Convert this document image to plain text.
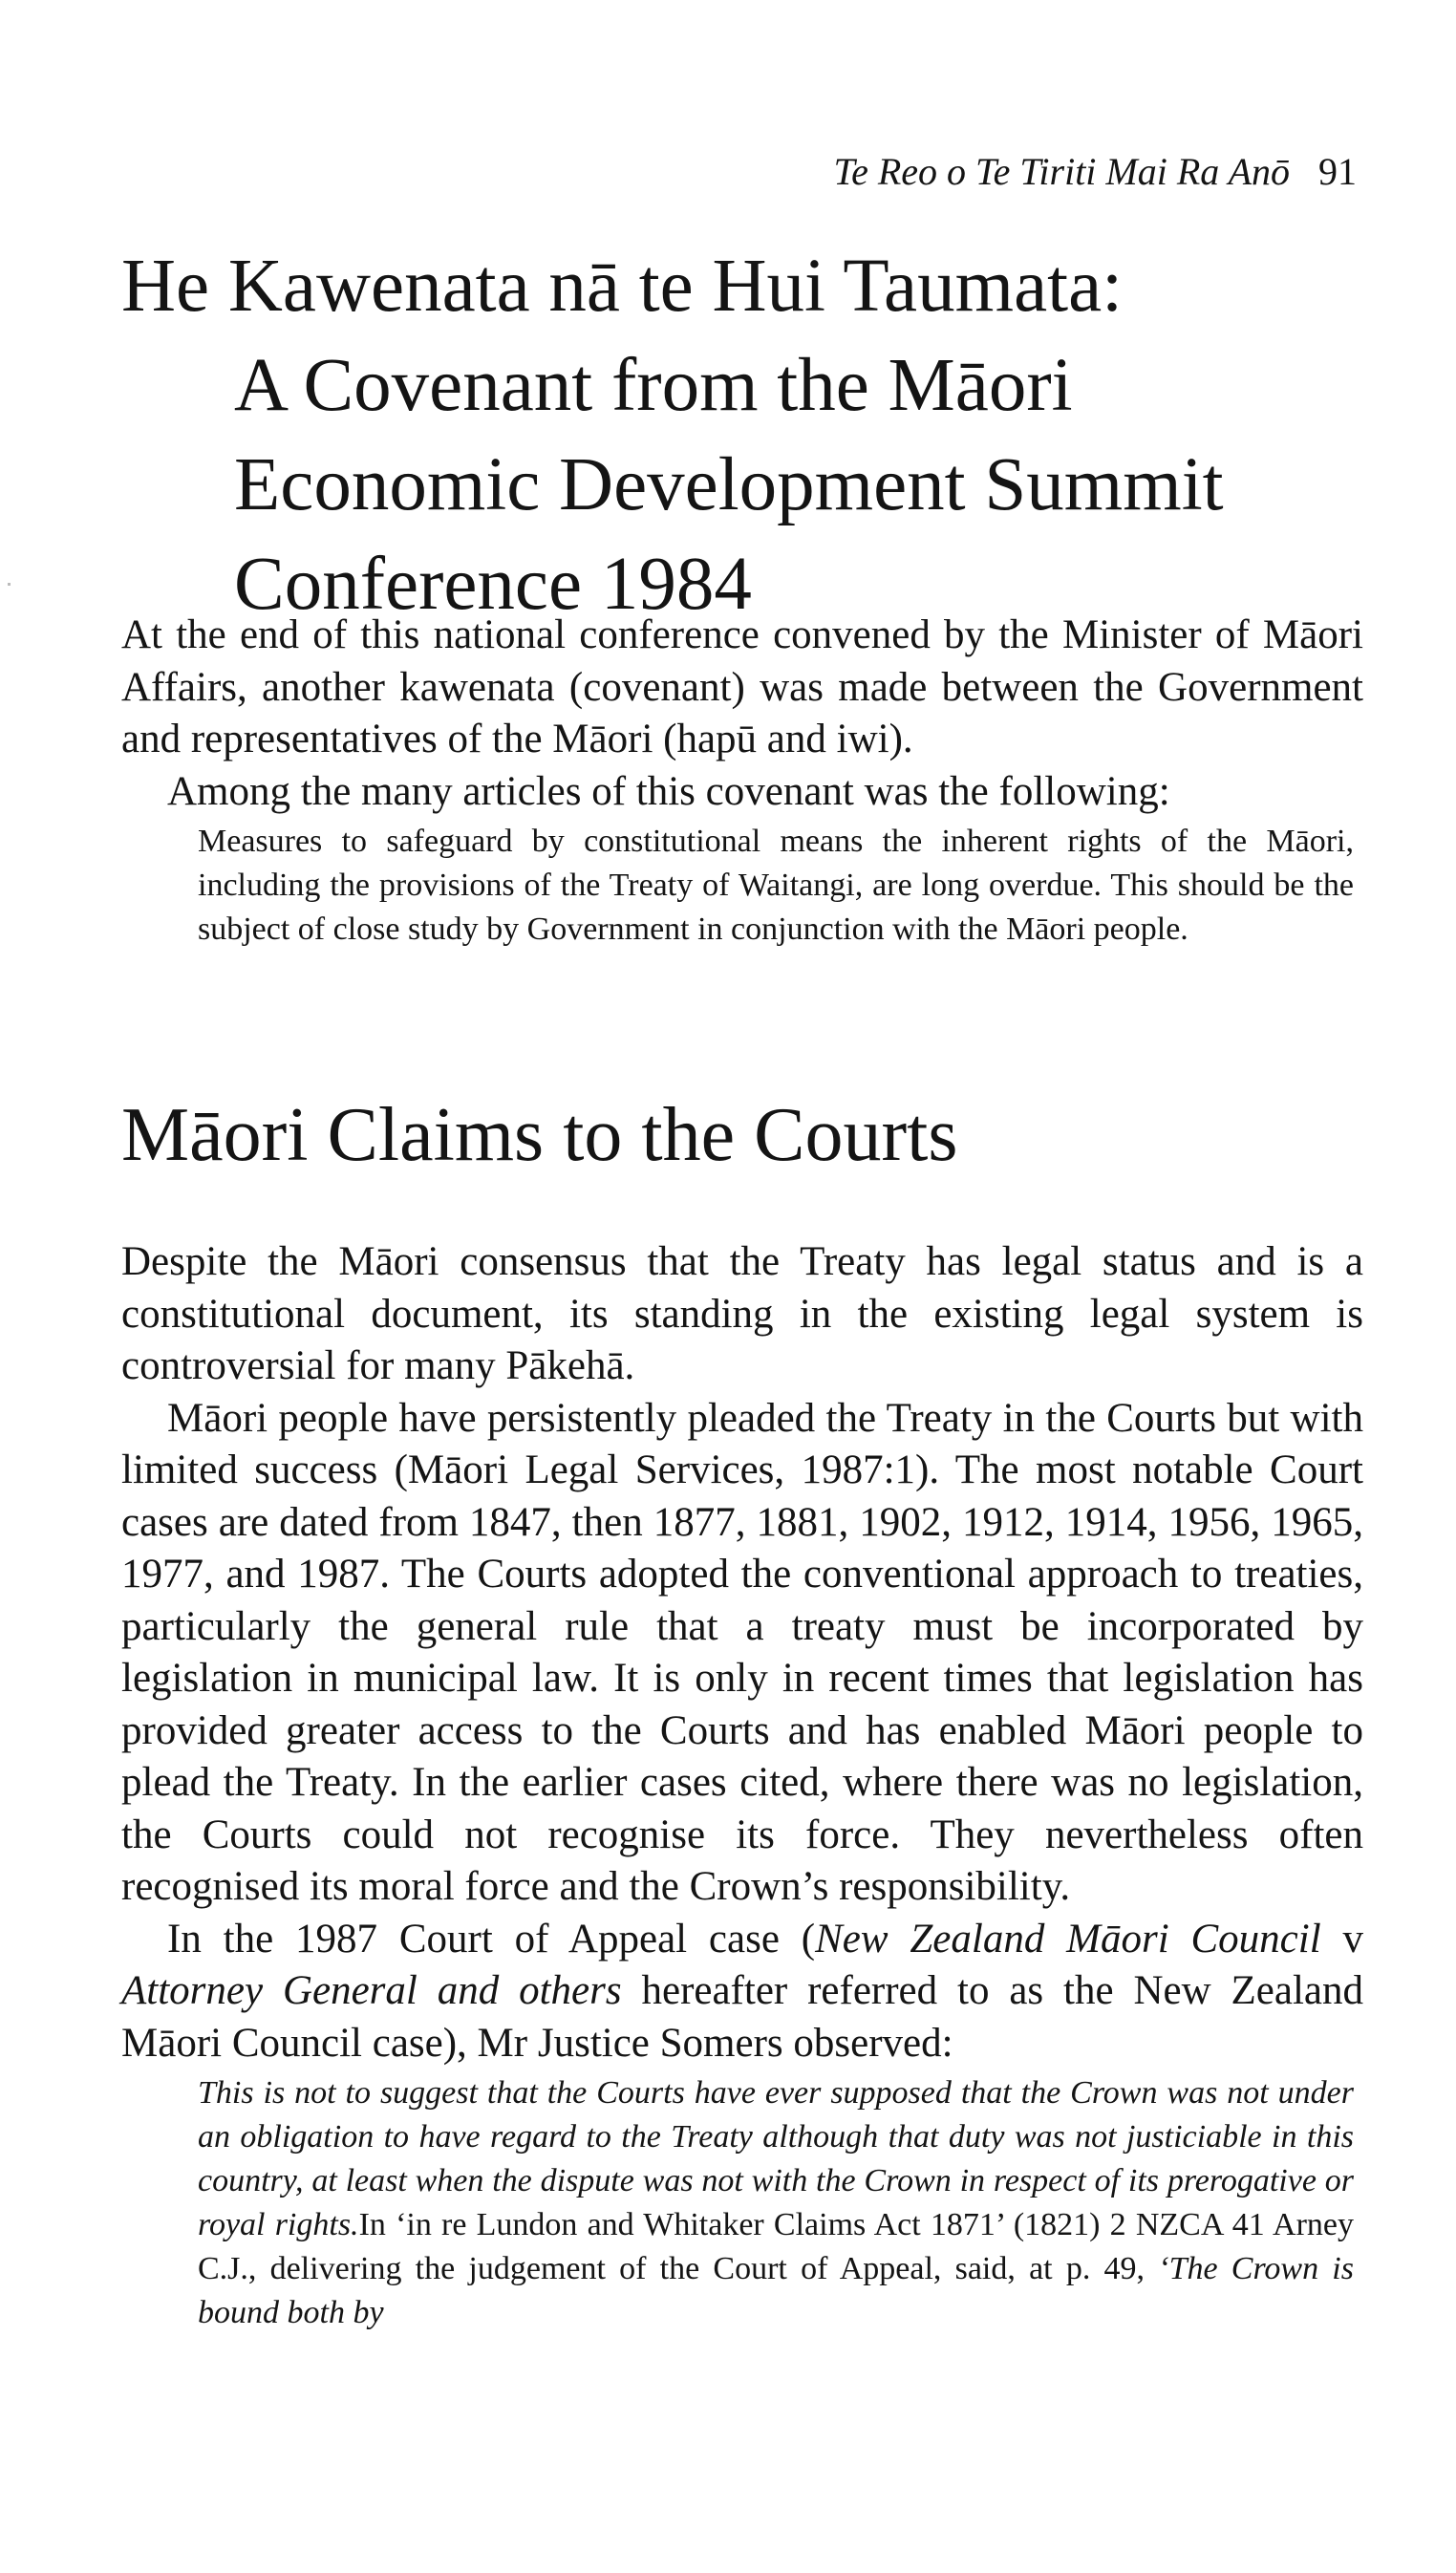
Te Reo o Te Tiriti Mai Ra Anō 91
He Kawenata nā te Hui Taumata:
A Covenant from the Māori
Economic Development Summit
Conference 1984

At the end of this national conference convened by the Minister of Māori Affairs, another kawenata (covenant) was made between the Government and representatives of the Māori (hapū and iwi).

Among the many articles of this covenant was the following:

Measures to safeguard by constitutional means the inherent rights of the Māori, including the provisions of the Treaty of Waitangi, are long overdue. This should be the subject of close study by Government in conjunction with the Māori people.

Māori Claims to the Courts

Despite the Māori consensus that the Treaty has legal status and is a constitutional document, its standing in the existing legal system is controversial for many Pākehā.

Māori people have persistently pleaded the Treaty in the Courts but with limited success (Māori Legal Services, 1987:1). The most notable Court cases are dated from 1847, then 1877, 1881, 1902, 1912, 1914, 1956, 1965, 1977, and 1987. The Courts adopted the conventional approach to treaties, particularly the general rule that a treaty must be incorporated by legislation in municipal law. It is only in recent times that legislation has provided greater access to the Courts and has enabled Māori people to plead the Treaty. In the earlier cases cited, where there was no legislation, the Courts could not recognise its force. They nevertheless often recognised its moral force and the Crown’s responsibility.

In the 1987 Court of Appeal case (New Zealand Māori Council v Attorney General and others hereafter referred to as the New Zealand Māori Council case), Mr Justice Somers observed:

This is not to suggest that the Courts have ever supposed that the Crown was not under an obligation to have regard to the Treaty although that duty was not justiciable in this country, at least when the dispute was not with the Crown in respect of its prerogative or royal rights.In ‘in re Lundon and Whitaker Claims Act 1871’ (1821) 2 NZCA 41 Arney C.J., delivering the judgement of the Court of Appeal, said, at p. 49, ‘The Crown is bound both by
